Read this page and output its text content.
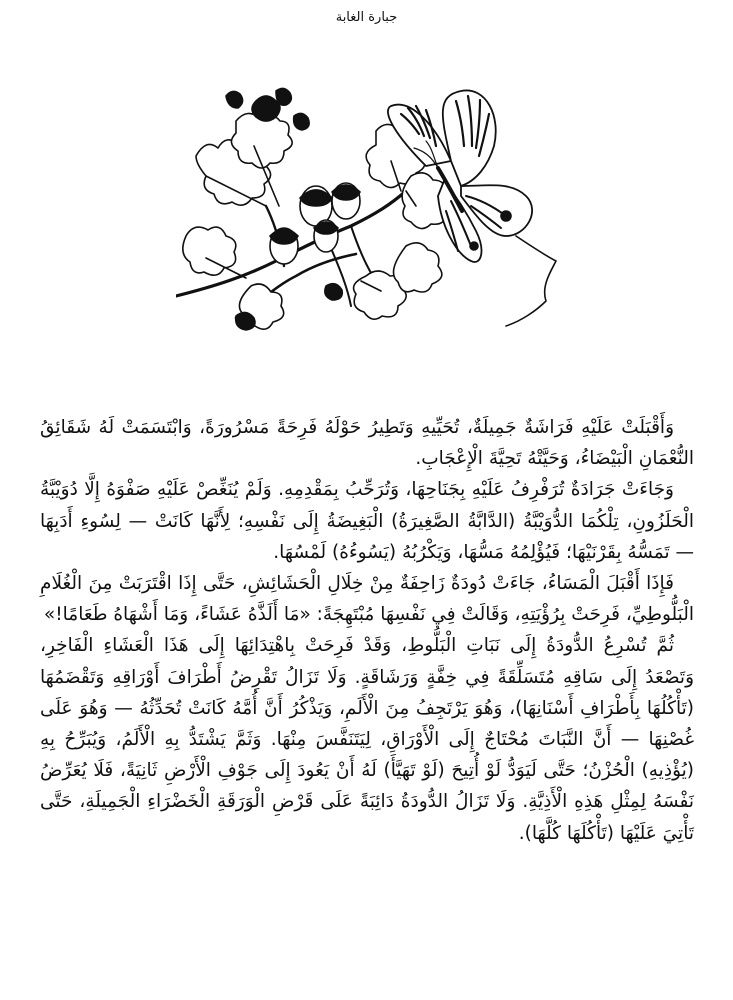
جبارة الغابة

وَأَقْبَلَتْ عَلَيْهِ فَرَاشَةٌ جَمِيلَةٌ، تُحَيِّيهِ وَتَطِيرُ حَوْلَهُ فَرِحَةً مَسْرُورَةً، وَابْتَسَمَتْ لَهُ شَقَائِقُ النُّعْمَانِ الْبَيْضَاءُ، وَحَيَّتْهُ تَحِيَّةَ الْإِعْجَابِ.

وَجَاءَتْ جَرَادَةٌ تُرَفْرِفُ عَلَيْهِ بِجَنَاحِهَا، وَتُرَحِّبُ بِمَقْدِمِهِ. وَلَمْ يُنَغِّصْ عَلَيْهِ صَفْوَهُ إِلَّا دُوَيْبَّةُ الْحَلَزُونِ، تِلْكُمَا الدُّوَيْبَّةُ (الدَّابَّةُ الصَّغِيرَةُ) الْبَغِيضَةُ إِلَى نَفْسِهِ؛ لِأَنَّهَا كَانَتْ — لِسُوءِ أَدَبِهَا — تَمَسُّهُ بِقَرْنَيْهَا؛ فَيُؤْلِمُهُ مَسُّهَا، وَيَكْرُبُهُ (يَسُوءُهُ) لَمْسُهَا.

فَإِذَا أَقْبَلَ الْمَسَاءُ، جَاءَتْ دُودَةٌ زَاحِفَةٌ مِنْ خِلَالِ الْحَشَائِشِ، حَتَّى إِذَا اقْتَرَبَتْ مِنَ الْغُلَامِ الْبَلُّوطِيِّ، فَرِحَتْ بِرُؤْيَتِهِ، وَقَالَتْ فِي نَفْسِهَا مُبْتَهِجَةً: «مَا أَلَذَّهُ عَشَاءً، وَمَا أَشْهَاهُ طَعَامًا!»

ثُمَّ تُسْرِعُ الدُّودَةُ إِلَى نَبَاتِ الْبَلُّوطِ، وَقَدْ فَرِحَتْ بِاهْتِدَائِهَا إِلَى هَذَا الْعَشَاءِ الْفَاخِرِ، وَتَصْعَدُ إِلَى سَاقِهِ مُتَسَلِّقَةً فِي خِفَّةٍ وَرَشَاقَةٍ. وَلَا تَزَالُ تَقْرِضُ أَطْرَافَ أَوْرَاقِهِ وَتَقْضَمُهَا (تَأْكُلُهَا بِأَطْرَافِ أَسْنَانِهَا)، وَهُوَ يَرْتَجِفُ مِنَ الْأَلَمِ، وَيَذْكُرُ أَنَّ أُمَّهُ كَانَتْ تُحَدِّثُهُ — وَهُوَ عَلَى غُصْنِهَا — أَنَّ النَّبَاتَ مُحْتَاجٌ إِلَى الْأَوْرَاقِ، لِيَتَنَفَّسَ مِنْهَا. وَثَمَّ يَشْتَدُّ بِهِ الْأَلَمُ، وَيُبَرِّحُ بِهِ (يُؤْذِيهِ) الْحُزْنُ؛ حَتَّى لَيَوَدُّ لَوْ أُتِيحَ (لَوْ تَهَيَّأَ) لَهُ أَنْ يَعُودَ إِلَى جَوْفِ الْأَرْضِ ثَانِيَةً، فَلَا يُعَرِّضُ نَفْسَهُ لِمِثْلِ هَذِهِ الْأَذِيَّةِ. وَلَا تَزَالُ الدُّودَةُ دَائِبَةً عَلَى قَرْضِ الْوَرَقَةِ الْخَضْرَاءِ الْجَمِيلَةِ، حَتَّى تَأْتِيَ عَلَيْهَا (تَأْكُلَهَا كُلَّهَا).
